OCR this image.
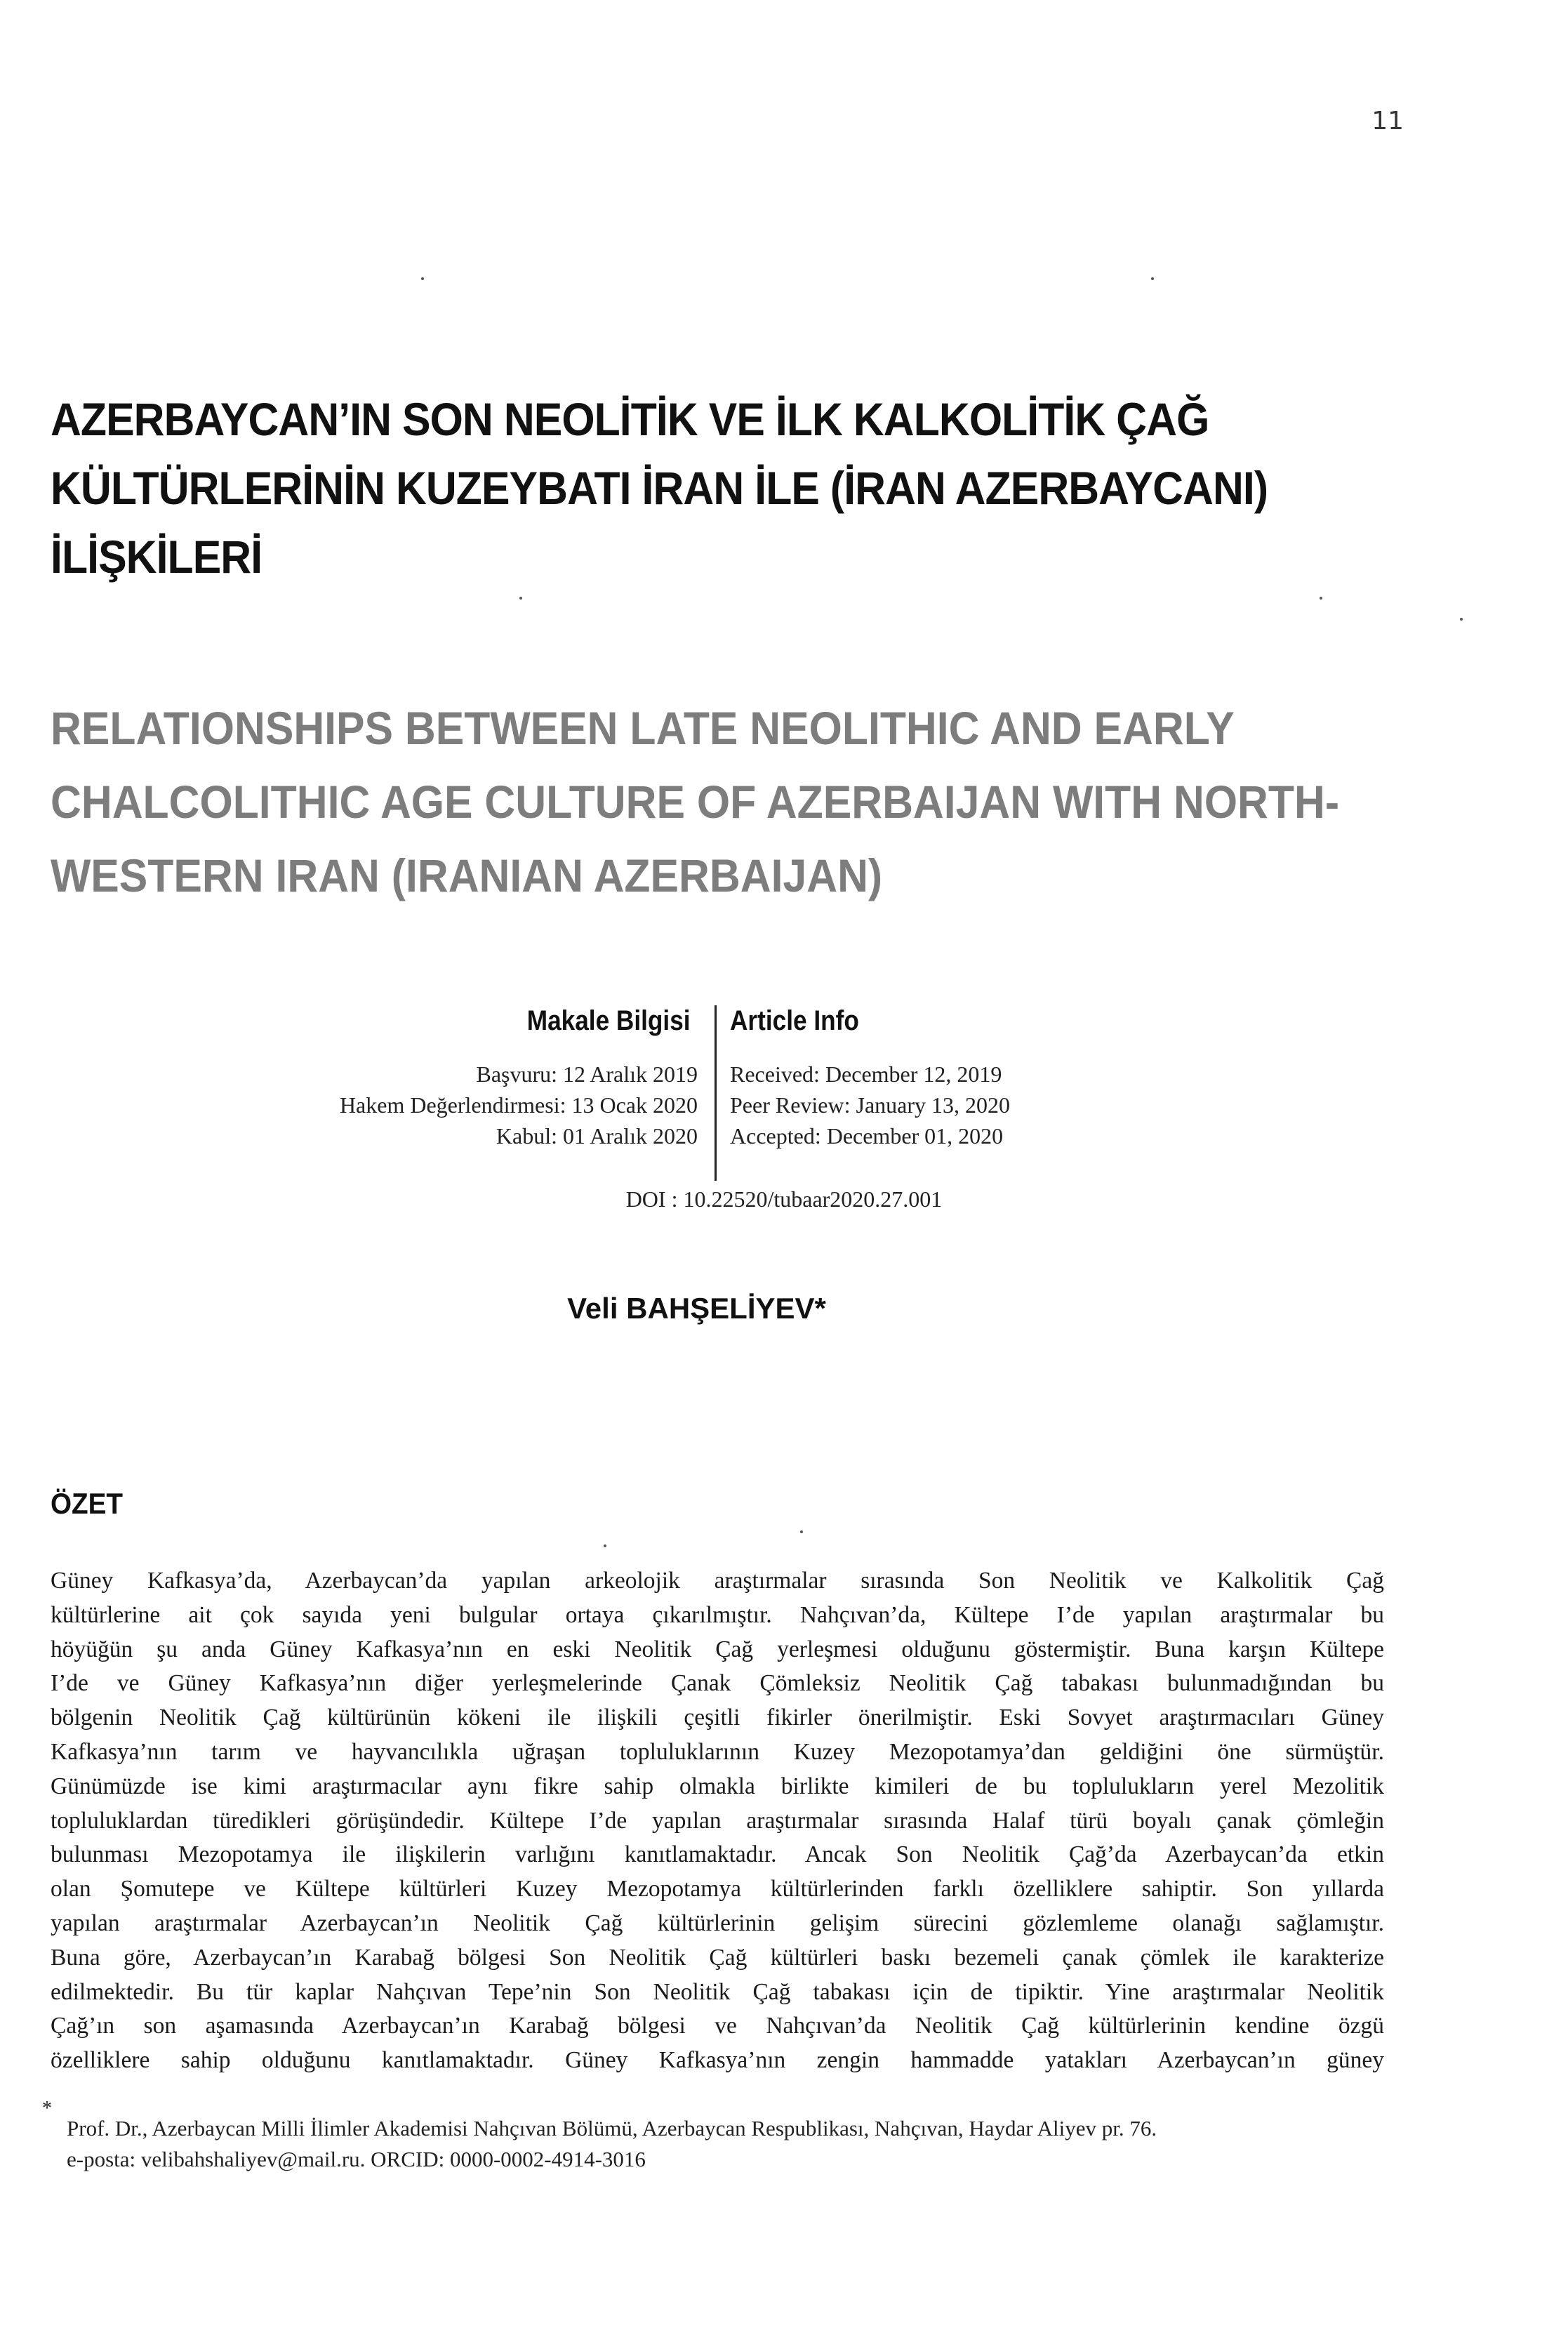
11
AZERBAYCAN’IN SON NEOLİTİK VE İLK KALKOLİTİK ÇAĞ
KÜLTÜRLERİNİN KUZEYBATI İRAN İLE (İRAN AZERBAYCANI)
İLİŞKİLERİ
RELATIONSHIPS BETWEEN LATE NEOLITHIC AND EARLY
CHALCOLITHIC AGE CULTURE OF AZERBAIJAN WITH NORTH-
WESTERN IRAN (IRANIAN AZERBAIJAN)
Makale Bilgisi Article Info
Başvuru: 12 Aralık 2019
Hakem Değerlendirmesi: 13 Ocak 2020
Kabul: 01 Aralık 2020
Received: December 12, 2019
Peer Review: January 13, 2020
Accepted: December 01, 2020
DOI : 10.22520/tubaar2020.27.001
Veli BAHŞELİYEV*
ÖZET
Güney Kafkasya’da, Azerbaycan’da yapılan arkeolojik araştırmalar sırasında Son Neolitik ve Kalkolitik Çağ
kültürlerine ait çok sayıda yeni bulgular ortaya çıkarılmıştır. Nahçıvan’da, Kültepe I’de yapılan araştırmalar bu
höyüğün şu anda Güney Kafkasya’nın en eski Neolitik Çağ yerleşmesi olduğunu göstermiştir. Buna karşın Kültepe
I’de ve Güney Kafkasya’nın diğer yerleşmelerinde Çanak Çömleksiz Neolitik Çağ tabakası bulunmadığından bu
bölgenin Neolitik Çağ kültürünün kökeni ile ilişkili çeşitli fikirler önerilmiştir. Eski Sovyet araştırmacıları Güney
Kafkasya’nın tarım ve hayvancılıkla uğraşan topluluklarının Kuzey Mezopotamya’dan geldiğini öne sürmüştür.
Günümüzde ise kimi araştırmacılar aynı fikre sahip olmakla birlikte kimileri de bu toplulukların yerel Mezolitik
topluluklardan türedikleri görüşündedir. Kültepe I’de yapılan araştırmalar sırasında Halaf türü boyalı çanak çömleğin
bulunması Mezopotamya ile ilişkilerin varlığını kanıtlamaktadır. Ancak Son Neolitik Çağ’da Azerbaycan’da etkin
olan Şomutepe ve Kültepe kültürleri Kuzey Mezopotamya kültürlerinden farklı özelliklere sahiptir. Son yıllarda
yapılan araştırmalar Azerbaycan’ın Neolitik Çağ kültürlerinin gelişim sürecini gözlemleme olanağı sağlamıştır.
Buna göre, Azerbaycan’ın Karabağ bölgesi Son Neolitik Çağ kültürleri baskı bezemeli çanak çömlek ile karakterize
edilmektedir. Bu tür kaplar Nahçıvan Tepe’nin Son Neolitik Çağ tabakası için de tipiktir. Yine araştırmalar Neolitik
Çağ’ın son aşamasında Azerbaycan’ın Karabağ bölgesi ve Nahçıvan’da Neolitik Çağ kültürlerinin kendine özgü
özelliklere sahip olduğunu kanıtlamaktadır. Güney Kafkasya’nın zengin hammadde yatakları Azerbaycan’ın güney
*
Prof. Dr., Azerbaycan Milli İlimler Akademisi Nahçıvan Bölümü, Azerbaycan Respublikası, Nahçıvan, Haydar Aliyev pr. 76.
e-posta: velibahshaliyev@mail.ru. ORCID: 0000-0002-4914-3016
